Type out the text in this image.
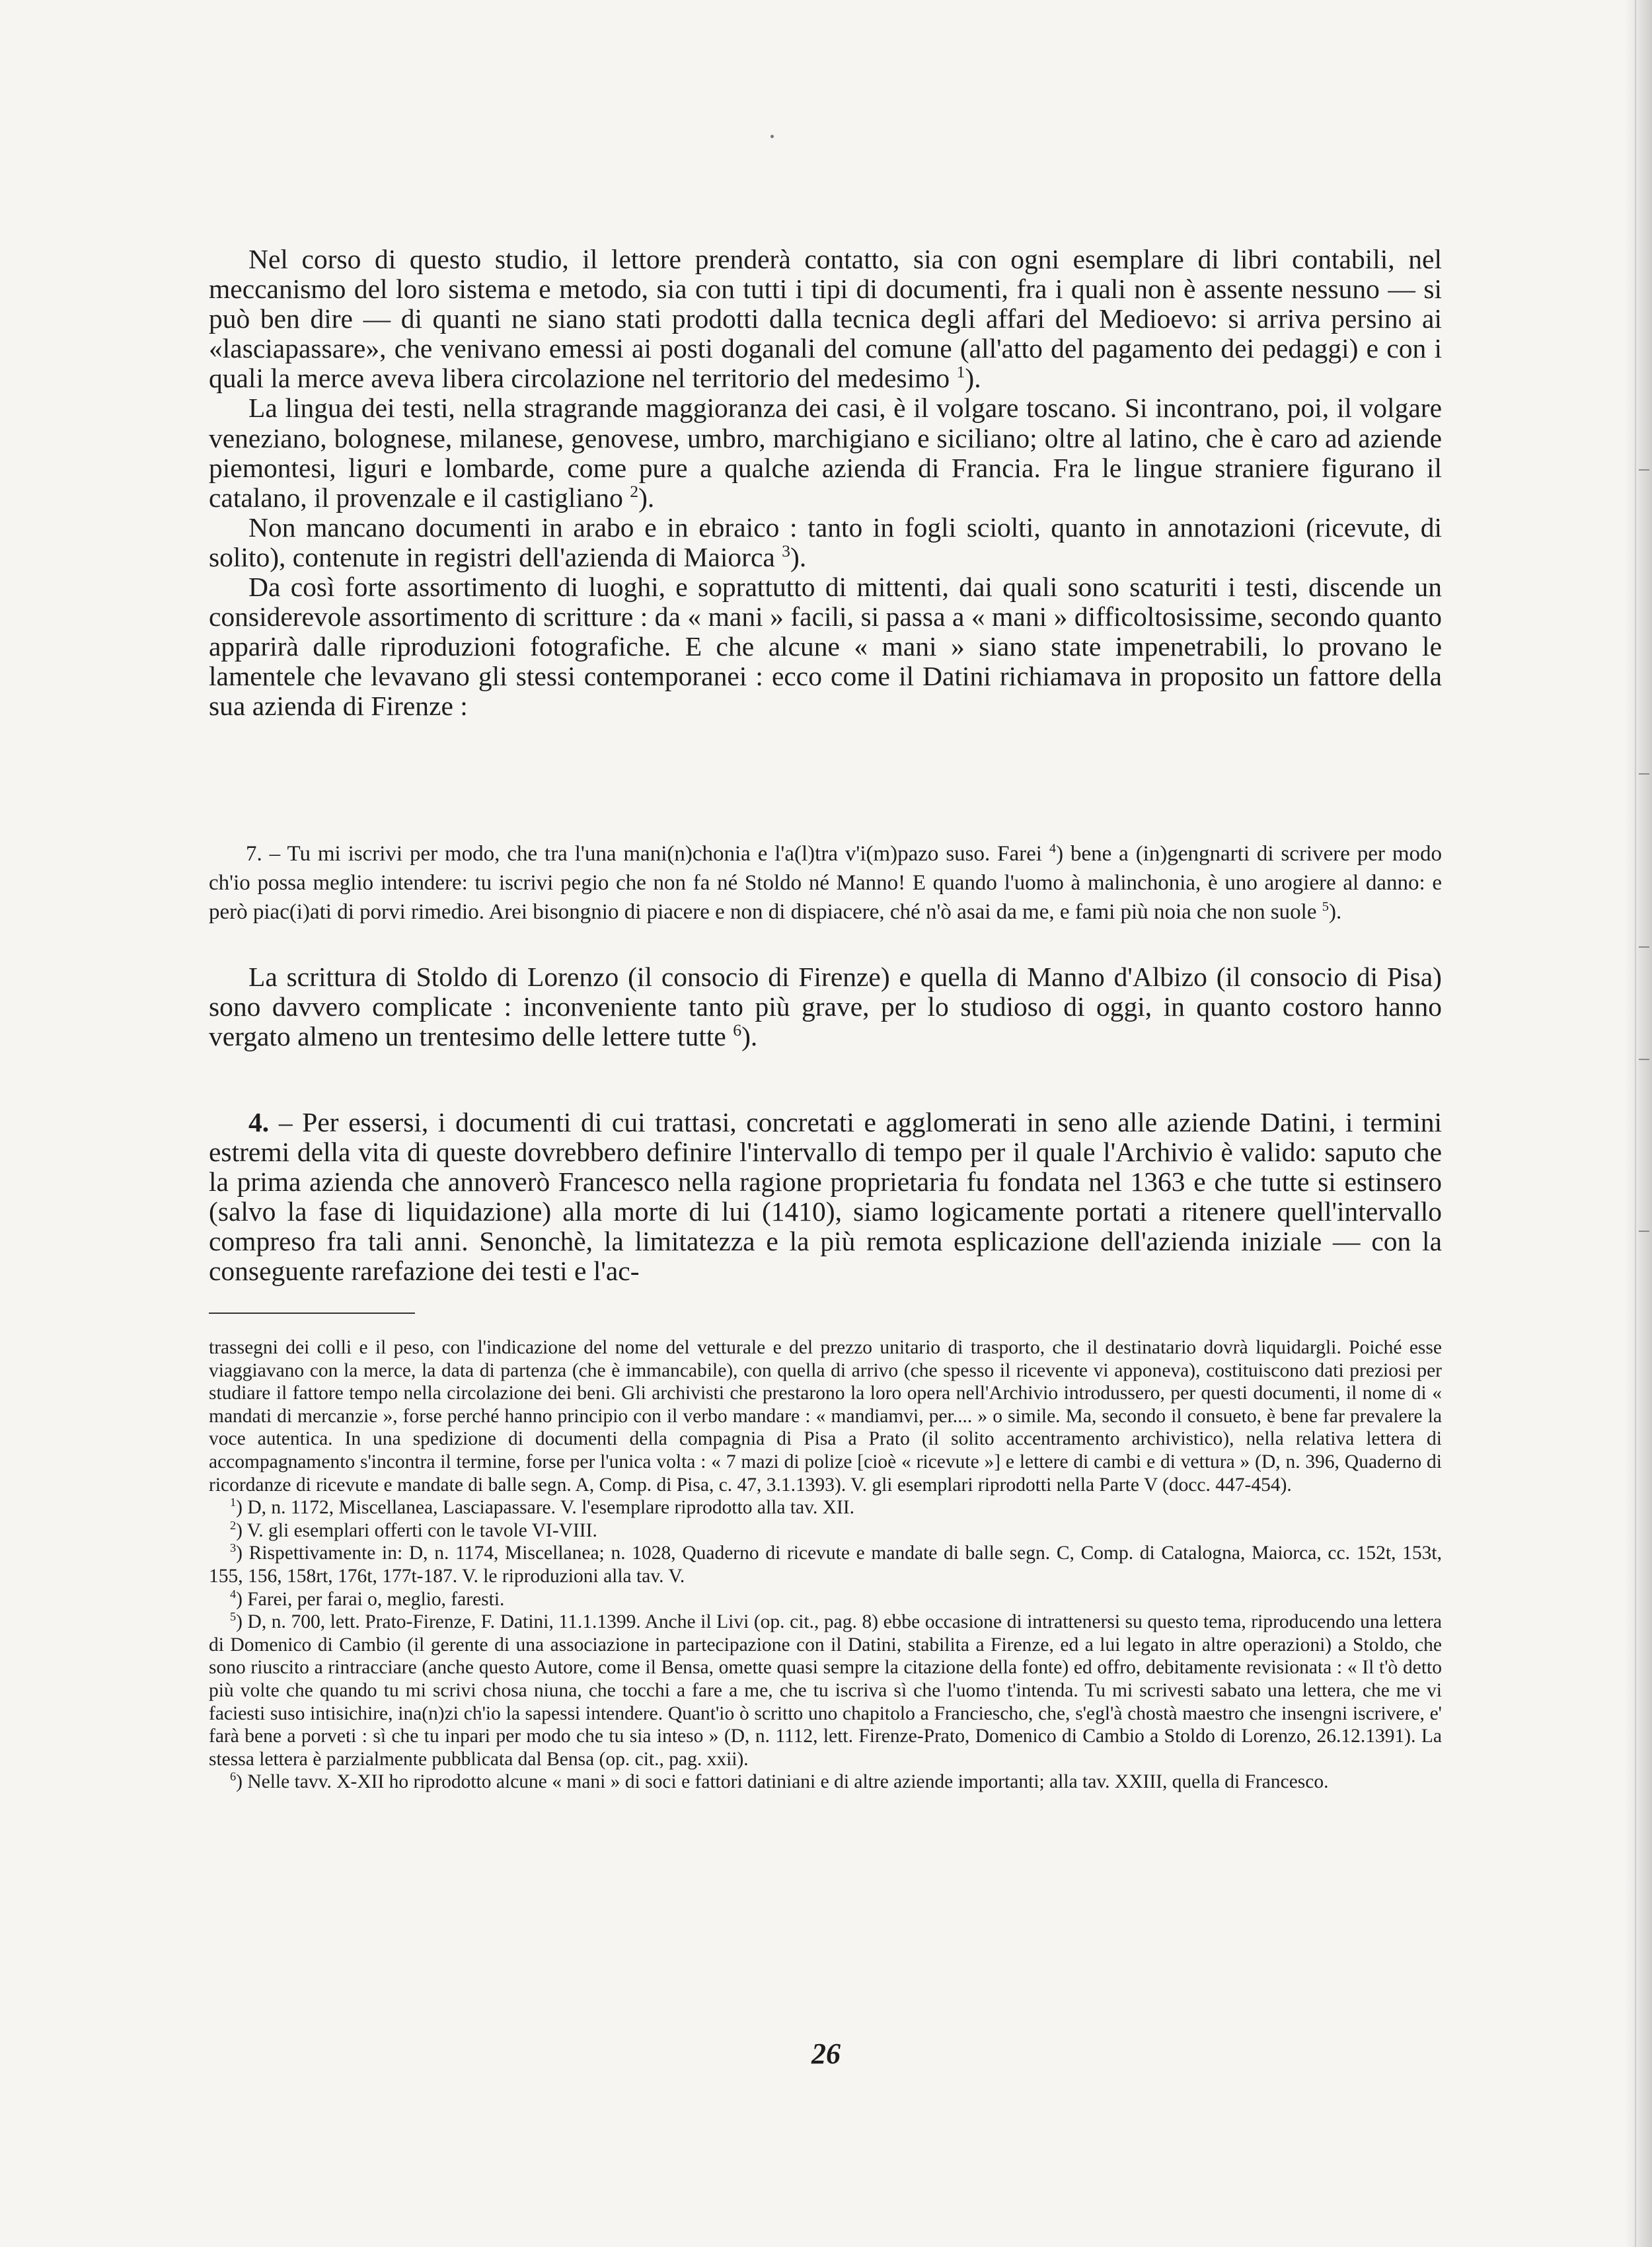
Nel corso di questo studio, il lettore prenderà contatto, sia con ogni esemplare di libri contabili, nel meccanismo del loro sistema e metodo, sia con tutti i tipi di documenti, fra i quali non è assente nessuno — si può ben dire — di quanti ne siano stati prodotti dalla tecnica degli affari del Medioevo: si arriva persino ai «lasciapassare», che venivano emessi ai posti doganali del comune (all'atto del pagamento dei pedaggi) e con i quali la merce aveva libera circolazione nel territorio del medesimo $^1$).

La lingua dei testi, nella stragrande maggioranza dei casi, è il volgare toscano. Si incontrano, poi, il volgare veneziano, bolognese, milanese, genovese, umbro, marchigiano e siciliano; oltre al latino, che è caro ad aziende piemontesi, liguri e lombarde, come pure a qualche azienda di Francia. Fra le lingue straniere figurano il catalano, il provenzale e il castigliano $^2$).

Non mancano documenti in arabo e in ebraico : tanto in fogli sciolti, quanto in annotazioni (ricevute, di solito), contenute in registri dell'azienda di Maiorca $^3$).

Da così forte assortimento di luoghi, e soprattutto di mittenti, dai quali sono scaturiti i testi, discende un considerevole assortimento di scritture : da « mani » facili, si passa a « mani » difficoltosissime, secondo quanto apparirà dalle riproduzioni fotografiche. E che alcune « mani » siano state impenetrabili, lo provano le lamentele che levavano gli stessi contemporanei : ecco come il Datini richiamava in proposito un fattore della sua azienda di Firenze :

7. – Tu mi iscrivi per modo, che tra l'una mani(n)chonia e l'a(l)tra v'i(m)pazo suso. Farei $^4$) bene a (in)gengnarti di scrivere per modo ch'io possa meglio intendere: tu iscrivi pegio che non fa né Stoldo né Manno! E quando l'uomo à malinchonia, è uno arogiere al danno: e però piac(i)ati di porvi rimedio. Arei bisongnio di piacere e non di dispiacere, ché n'ò asai da me, e fami più noia che non suole $^5$).

La scrittura di Stoldo di Lorenzo (il consocio di Firenze) e quella di Manno d'Albizo (il consocio di Pisa) sono davvero complicate : inconveniente tanto più grave, per lo studioso di oggi, in quanto costoro hanno vergato almeno un trentesimo delle lettere tutte $^6$).

4. – Per essersi, i documenti di cui trattasi, concretati e agglomerati in seno alle aziende Datini, i termini estremi della vita di queste dovrebbero definire l'intervallo di tempo per il quale l'Archivio è valido: saputo che la prima azienda che annoverò Francesco nella ragione proprietaria fu fondata nel 1363 e che tutte si estinsero (salvo la fase di liquidazione) alla morte di lui (1410), siamo logicamente portati a ritenere quell'intervallo compreso fra tali anni. Senonchè, la limitatezza e la più remota esplicazione dell'azienda iniziale — con la conseguente rarefazione dei testi e l'ac-

trassegni dei colli e il peso, con l'indicazione del nome del vetturale e del prezzo unitario di trasporto, che il destinatario dovrà liquidargli. Poiché esse viaggiavano con la merce, la data di partenza (che è immancabile), con quella di arrivo (che spesso il ricevente vi apponeva), costituiscono dati preziosi per studiare il fattore tempo nella circolazione dei beni. Gli archivisti che prestarono la loro opera nell'Archivio introdussero, per questi documenti, il nome di « mandati di mercanzie », forse perché hanno principio con il verbo mandare : « mandiamvi, per.... » o simile. Ma, secondo il consueto, è bene far prevalere la voce autentica. In una spedizione di documenti della compagnia di Pisa a Prato (il solito accentramento archivistico), nella relativa lettera di accompagnamento s'incontra il termine, forse per l'unica volta : « 7 mazi di polize [cioè « ricevute »] e lettere di cambi e di vettura » (D, n. 396, Quaderno di ricordanze di ricevute e mandate di balle segn. A, Comp. di Pisa, c. 47, 3.1.1393). V. gli esemplari riprodotti nella Parte V (docc. 447-454).

$^1$) D, n. 1172, Miscellanea, Lasciapassare. V. l'esemplare riprodotto alla tav. XII.

$^2$) V. gli esemplari offerti con le tavole VI-VIII.

$^3$) Rispettivamente in: D, n. 1174, Miscellanea; n. 1028, Quaderno di ricevute e mandate di balle segn. C, Comp. di Catalogna, Maiorca, cc. 152t, 153t, 155, 156, 158rt, 176t, 177t-187. V. le riproduzioni alla tav. V.

$^4$) Farei, per farai o, meglio, faresti.

$^5$) D, n. 700, lett. Prato-Firenze, F. Datini, 11.1.1399. Anche il Livi (op. cit., pag. 8) ebbe occasione di intrattenersi su questo tema, riproducendo una lettera di Domenico di Cambio (il gerente di una associazione in partecipazione con il Datini, stabilita a Firenze, ed a lui legato in altre operazioni) a Stoldo, che sono riuscito a rintracciare (anche questo Autore, come il Bensa, omette quasi sempre la citazione della fonte) ed offro, debitamente revisionata : « Il t'ò detto più volte che quando tu mi scrivi chosa niuna, che tocchi a fare a me, che tu iscriva sì che l'uomo t'intenda. Tu mi scrivesti sabato una lettera, che me vi faciesti suso intisichire, ina(n)zi ch'io la sapessi intendere. Quant'io ò scritto uno chapitolo a Franciescho, che, s'egl'à chostà maestro che insengni iscrivere, e' farà bene a porveti : sì che tu inpari per modo che tu sia inteso » (D, n. 1112, lett. Firenze-Prato, Domenico di Cambio a Stoldo di Lorenzo, 26.12.1391). La stessa lettera è parzialmente pubblicata dal Bensa (op. cit., pag. xxii).

$^6$) Nelle tavv. X-XII ho riprodotto alcune « mani » di soci e fattori datiniani e di altre aziende importanti; alla tav. XXIII, quella di Francesco.

26
